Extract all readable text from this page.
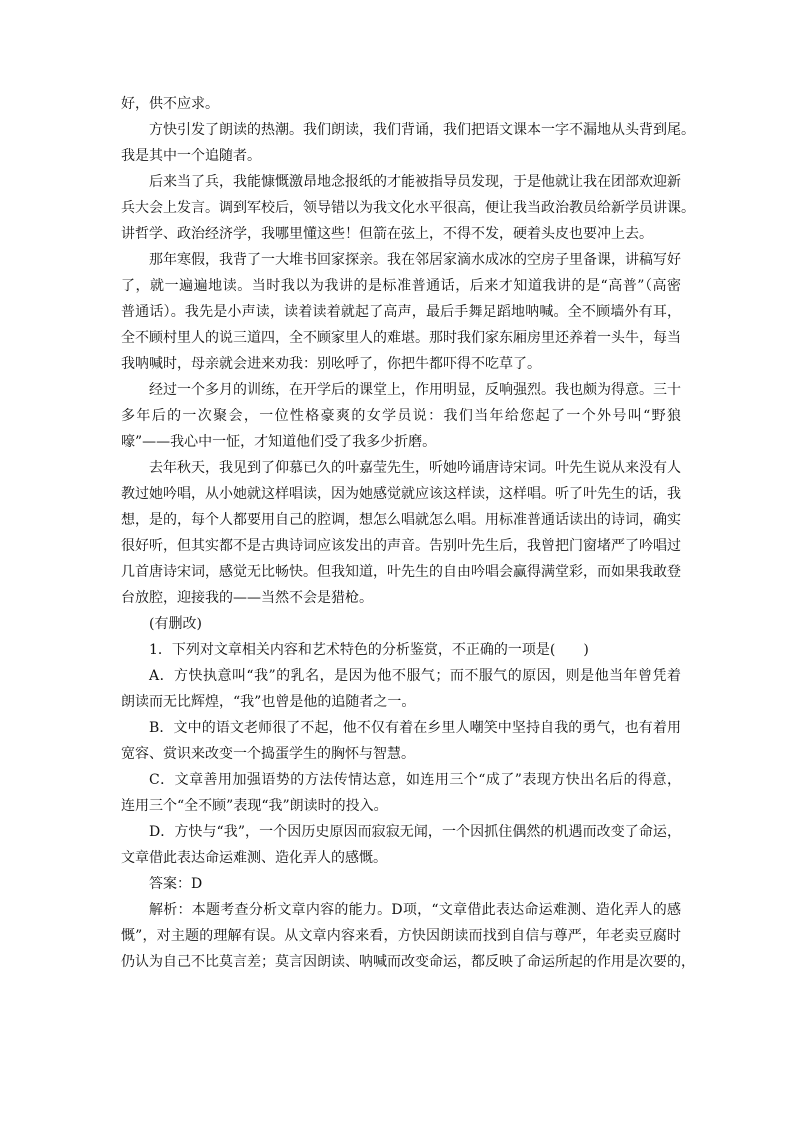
好，供不应求。
方快引发了朗读的热潮。我们朗读，我们背诵，我们把语文课本一字不漏地从头背到尾。
我是其中一个追随者。
后来当了兵，我能慷慨激昂地念报纸的才能被指导员发现，于是他就让我在团部欢迎新
兵大会上发言。调到军校后，领导错以为我文化水平很高，便让我当政治教员给新学员讲课。
讲哲学、政治经济学，我哪里懂这些！但箭在弦上，不得不发，硬着头皮也要冲上去。
那年寒假，我背了一大堆书回家探亲。我在邻居家滴水成冰的空房子里备课，讲稿写好
了，就一遍遍地读。当时我以为我讲的是标准普通话，后来才知道我讲的是“高普”（高密
普通话）。我先是小声读，读着读着就起了高声，最后手舞足蹈地呐喊。全不顾墙外有耳，
全不顾村里人的说三道四，全不顾家里人的难堪。那时我们家东厢房里还养着一头牛，每当
我呐喊时，母亲就会进来劝我：别吆呼了，你把牛都吓得不吃草了。
经过一个多月的训练，在开学后的课堂上，作用明显，反响强烈。我也颇为得意。三十
多年后的一次聚会，一位性格豪爽的女学员说：我们当年给您起了一个外号叫“野狼
嚎”——我心中一怔，才知道他们受了我多少折磨。
去年秋天，我见到了仰慕已久的叶嘉莹先生，听她吟诵唐诗宋词。叶先生说从来没有人
教过她吟唱，从小她就这样唱读，因为她感觉就应该这样读，这样唱。听了叶先生的话，我
想，是的，每个人都要用自己的腔调，想怎么唱就怎么唱。用标准普通话读出的诗词，确实
很好听，但其实都不是古典诗词应该发出的声音。告别叶先生后，我曾把门窗堵严了吟唱过
几首唐诗宋词，感觉无比畅快。但我知道，叶先生的自由吟唱会赢得满堂彩，而如果我敢登
台放腔，迎接我的——当然不会是猎枪。
(有删改)
1．下列对文章相关内容和艺术特色的分析鉴赏，不正确的一项是(　　)
A．方快执意叫“我”的乳名，是因为他不服气；而不服气的原因，则是他当年曾凭着
朗读而无比辉煌，“我”也曾是他的追随者之一。
B．文中的语文老师很了不起，他不仅有着在乡里人嘲笑中坚持自我的勇气，也有着用
宽容、赏识来改变一个捣蛋学生的胸怀与智慧。
C．文章善用加强语势的方法传情达意，如连用三个“成了”表现方快出名后的得意，
连用三个“全不顾”表现“我”朗读时的投入。
D．方快与“我”，一个因历史原因而寂寂无闻，一个因抓住偶然的机遇而改变了命运，
文章借此表达命运难测、造化弄人的感慨。
答案：D
解析：本题考查分析文章内容的能力。D项，“文章借此表达命运难测、造化弄人的感
慨”，对主题的理解有误。从文章内容来看，方快因朗读而找到自信与尊严，年老卖豆腐时
仍认为自己不比莫言差；莫言因朗读、呐喊而改变命运，都反映了命运所起的作用是次要的，
